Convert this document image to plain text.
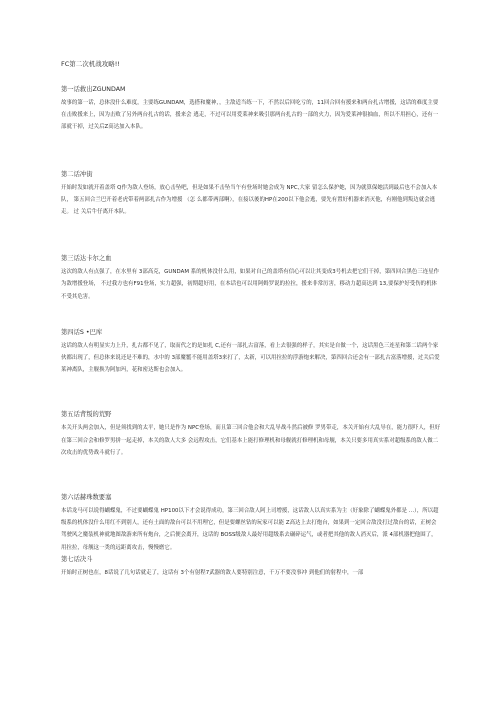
FC第二次机战攻略!!
第一话救出ZGUNDAM

故事的第一话，总体没什么难度，主要练GUNDAM，选搭和魔神，，主敌适当练一下，不然以后回吃亏的，11回合回有援来和两台扎古增援，这话的难度主要在击败援来上，因为击败了另外两台扎古的话，援来会 逃走，不过可以用爱莱神来吸引那两台扎古的一部的火力，因为爱莱神很抽血，所以不用担心，还有一部就干掉，过关后Z高达加入本队。

第二话冲街

开始时发如就开着盖塔 Q作为敌人登场，放心击坠吧，但是如果不击坠当午有登场时她会成为 NPC,大家 留怎么保护她，因为就算保她活到最后也不会加入本队， 第五回合兰巴开着老虎带着两部扎古作为增援 （怎 么都带两部啊），在接以後的HP在200以下他会逃，要先有置好机器来消灭他，有刚他到叛边就会逃走。 过 关后牛仔离开本队。

第三话达卡尔之血

这次的敌人有点强了，在水里有 3部高克，GUNDAM 系的机体没什么用，如果对自己的盖塔有信心可以让其变成3号机去把它们干掉，第四回合黑色三连星作为敌增援登场， 不过我方也有F91登场，实力超强，初期超好用，在本话也可以用阿姆罗说的拉拉，援来非常厉害，移动力超高达到 13,要保护好受伤的机体不受其危害。

第四话S •巴库

这话的敌人有明显实力上升，扎古都不见了，取而代之的是如扎 C,还有一部扎古富落，看上去很强的样子，其实是自做一个，这话黑色三连星和第二话两个家伙都出现了，但总体来说还是不难的，水中的 3部魔鬣不能用盖塔3来打了，太新，可以用拉拉的浮游炮来解决，第四回合还会有一部扎古富落增援，过关后爱莱神离队，主舰换为阿加玛，花和密达斯也会加入。

第五话背叛的荒野

本关开头两会加入，但是须找到的太平，她只是作为 NPC登场，而且第三回合他会和大乱导战斗然后被修 罗男带走，本关开始有大乱导在，能力很吓人，但好在第三回合会和修罗男拼一起走掉，本关的敌人大多 会远程攻击，它们基本上能打修理机和母舰就打修理机和母舰，本关只要多用真实系对超级系的敌人做二 次攻击的优势战斗就行了。

第六话赫珠数要塞

本话龙马可以说得蝴蝶鬼，不过要蝴蝶鬼 HP100以下才会说得成功，第三回合敌人阿上司增援，这话敌人以真实系为主（好象除了蝴蝶鬼外都是 ...），所以超级系的机体没什么用红不到别人，还有土面的敌台可以不用理它，但是要螺丝钻的玩家可以能 Z高达上去打炮台，如果到一定回合敌没打过敌台的话，正树会驾驶风之魔装机神就地图敌游来所有炮台，之后便会离开，这话的 BOSS级敌人最好用超级系去碾碎运气，或者把其他的敌人消灭后，派 4部机器把他围了，用拉拉，母舰这一类的远距离攻击，慢慢磨它。

第七话决斗

开始时正树也在，8话说了几句话就走了，这话有 3个有射程7武器的敌人要特别注意，千万不要没事冲 到他们的射程中，一部
